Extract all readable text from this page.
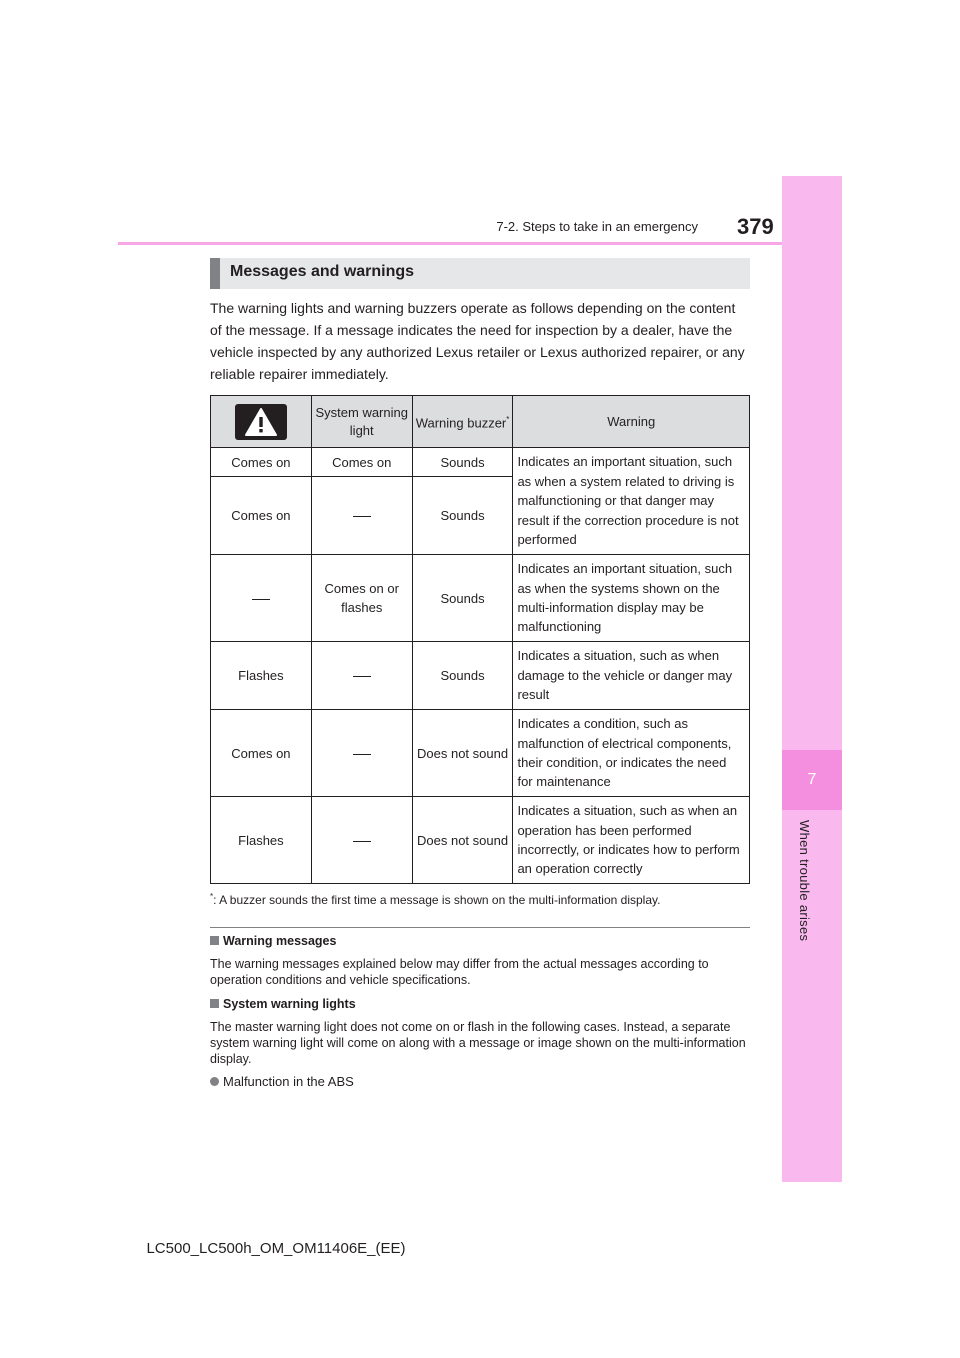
7-2. Steps to take in an emergency 379
7
When trouble arises
Messages and warnings
The warning lights and warning buzzers operate as follows depending on the content of the message. If a message indicates the need for inspection by a dealer, have the vehicle inspected by any authorized Lexus retailer or Lexus authorized repairer, or any reliable repairer immediately.
	System warning light	Warning buzzer*	Warning
Comes on	Comes on	Sounds	Indicates an important situation, such as when a system related to driving is malfunctioning or that danger may result if the correction procedure is not performed
Comes on		Sounds	
	Comes on or flashes	Sounds	Indicates an important situation, such as when the systems shown on the multi-information display may be malfunctioning
Flashes		Sounds	Indicates a situation, such as when damage to the vehicle or danger may result
Comes on		Does not sound	Indicates a condition, such as malfunction of electrical components, their condition, or indicates the need for maintenance
Flashes		Does not sound	Indicates a situation, such as when an operation has been performed incorrectly, or indicates how to perform an operation correctly
*: A buzzer sounds the first time a message is shown on the multi-information display.
Warning messages
The warning messages explained below may differ from the actual messages according to operation conditions and vehicle specifications.
System warning lights
The master warning light does not come on or flash in the following cases. Instead, a separate system warning light will come on along with a message or image shown on the multi-information display.
Malfunction in the ABS
LC500_LC500h_OM_OM11406E_(EE)
